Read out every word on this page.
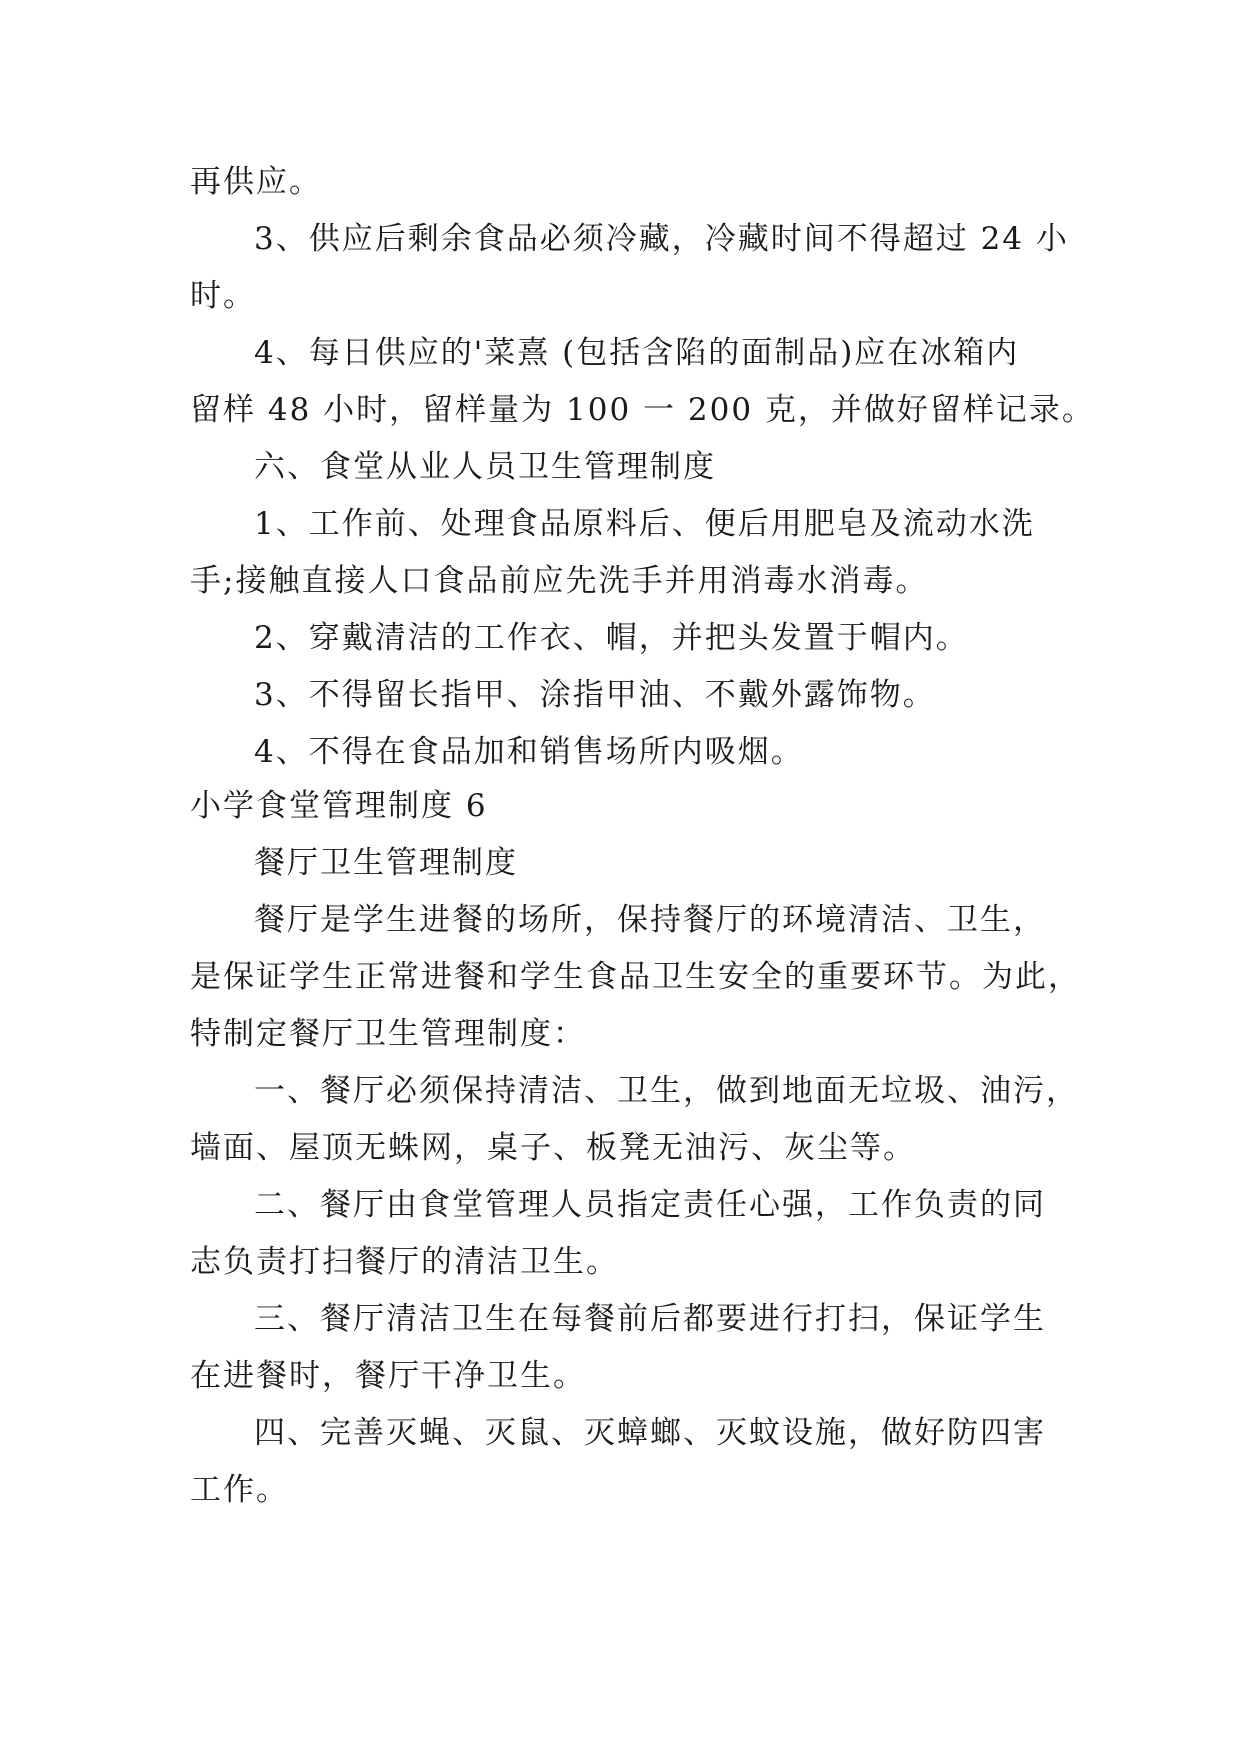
再供应。
3、供应后剩余食品必须冷藏，冷藏时间不得超过 24 小
时。
4、每日供应的'菜熹 (包括含陷的面制品)应在冰箱内
留样 48 小时，留样量为 100 一 200 克，并做好留样记录。
六、食堂从业人员卫生管理制度
1、工作前、处理食品原料后、便后用肥皂及流动水洗
手;接触直接人口食品前应先洗手并用消毒水消毒。
2、穿戴清洁的工作衣、帽，并把头发置于帽内。
3、不得留长指甲、涂指甲油、不戴外露饰物。
4、不得在食品加和销售场所内吸烟。
小学食堂管理制度 6
餐厅卫生管理制度
餐厅是学生进餐的场所，保持餐厅的环境清洁、卫生，
是保证学生正常进餐和学生食品卫生安全的重要环节。为此，
特制定餐厅卫生管理制度：
一、餐厅必须保持清洁、卫生，做到地面无垃圾、油污，
墙面、屋顶无蛛网，桌子、板凳无油污、灰尘等。
二、餐厅由食堂管理人员指定责任心强，工作负责的同
志负责打扫餐厅的清洁卫生。
三、餐厅清洁卫生在每餐前后都要进行打扫，保证学生
在进餐时，餐厅干净卫生。
四、完善灭蝇、灭鼠、灭蟑螂、灭蚊设施，做好防四害
工作。
